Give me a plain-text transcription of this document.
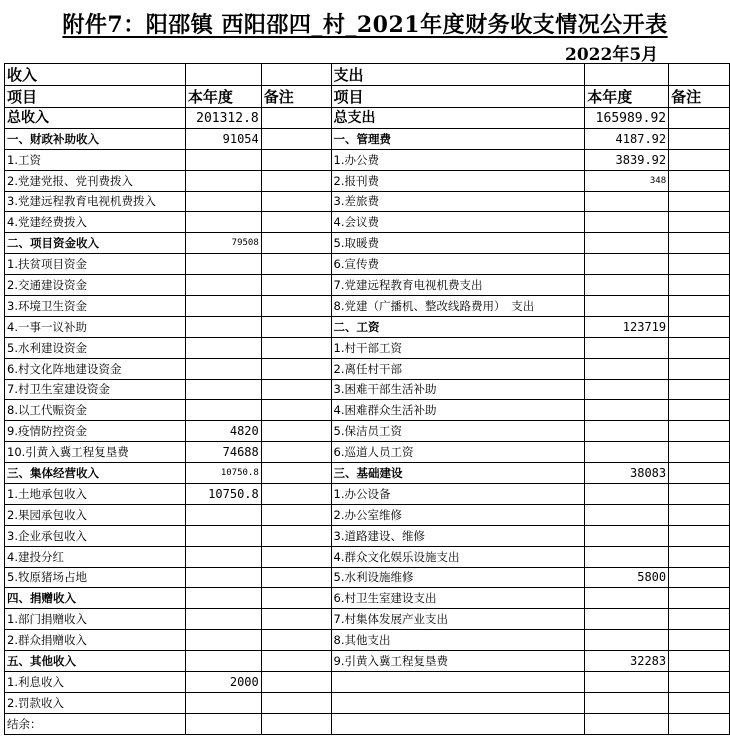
附件7：阳邵镇 西阳邵四_村_2021年度财务收支情况公开表
2022年5月
收入			支出		
项目	本年度	备注	项目	本年度	备注
总收入	201312.8		总支出	165989.92	
一、财政补助收入	91054		一、管理费	4187.92	
1.工资			1.办公费	3839.92	
2.党建党报、党刊费拨入			2.报刊费	348	
3.党建远程教育电视机费拨入			3.差旅费		
4.党建经费拨入			4.会议费		
二、项目资金收入	79508		5.取暖费		
1.扶贫项目资金			6.宣传费		
2.交通建设资金			7.党建远程教育电视机费支出		
3.环境卫生资金			8.党建（广播机、整改线路费用）　支出		
4.一事一议补助			二、工资	123719	
5.水利建设资金			1.村干部工资		
6.村文化阵地建设资金			2.离任村干部		
7.村卫生室建设资金			3.困难干部生活补助		
8.以工代赈资金			4.困难群众生活补助		
9.疫情防控资金	4820		5.保洁员工资		
10.引黄入冀工程复垦费	74688		6.巡道人员工资		
三、集体经营收入	10750.8		三、基础建设	38083	
1.土地承包收入	10750.8		1.办公设备		
2.果园承包收入			2.办公室维修		
3.企业承包收入			3.道路建设、维修		
4.建投分红			4.群众文化娱乐设施支出		
5.牧原猪场占地			5.水利设施维修	5800	
四、捐赠收入			6.村卫生室建设支出		
1.部门捐赠收入			7.村集体发展产业支出		
2.群众捐赠收入			8.其他支出		
五、其他收入			9.引黄入冀工程复垦费	32283	
1.利息收入	2000				
2.罚款收入					
结余：					
